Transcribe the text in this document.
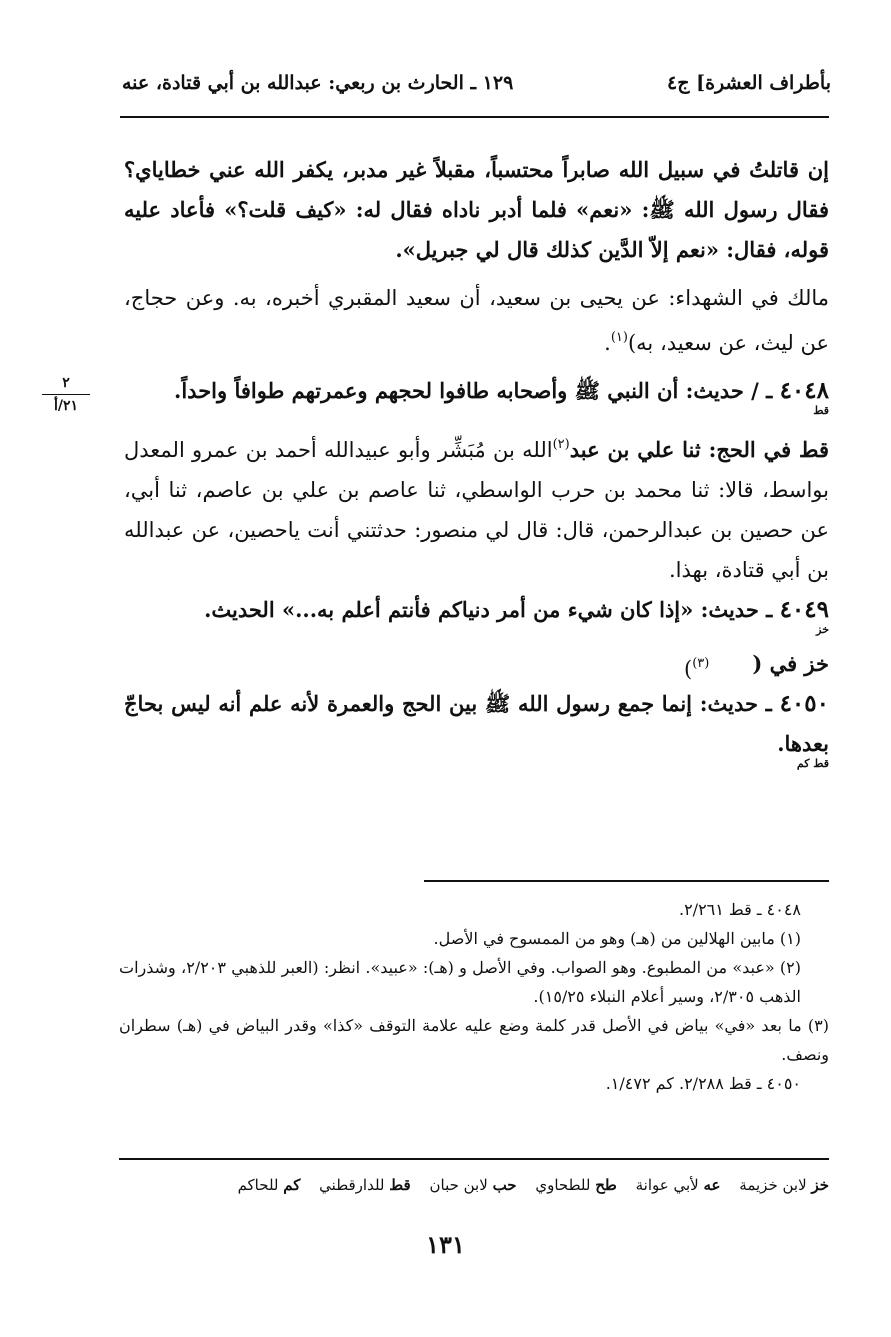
بأطراف العشرة] ج٤
١٢٩ ـ الحارث بن ربعي: عبدالله بن أبي قتادة، عنه
٢
٢١/أ

إن قاتلتُ في سبيل الله صابراً محتسباً، مقبلاً غير مدبر، يكفر الله عني خطاياي؟ فقال رسول الله ﷺ: «نعم» فلما أدبر ناداه فقال له: «كيف قلت؟» فأعاد عليه قوله، فقال: «نعم إلاّ الدَّين كذلك قال لي جبريل».

مالك في الشهداء: عن يحيى بن سعيد، أن سعيد المقبري أخبره، به. وعن حجاج، عن ليث، عن سعيد، به)$^{(١)}$.

٤٠٤٨ ـ / حديث: أن النبي ﷺ وأصحابه طافوا لحجهم وعمرتهم طوافاً واحداً.
قط

قط في الحج: ثنا علي بن عبد$^{(٢)}$الله بن مُبَشِّر وأبو عبيدالله أحمد بن عمرو المعدل بواسط، قالا: ثنا محمد بن حرب الواسطي، ثنا عاصم بن علي بن عاصم، ثنا أبي، عن حصين بن عبدالرحمن، قال: قال لي منصور: حدثتني أنت ياحصين، عن عبدالله بن أبي قتادة، بهذا.

٤٠٤٩ ـ حديث: «إذا كان شيء من أمر دنياكم فأنتم أعلم به...» الحديث.
خز

خز في (
$^{(٣)}$)

٤٠٥٠ ـ حديث: إنما جمع رسول الله ﷺ بين الحج والعمرة لأنه علم أنه ليس بحاجّ بعدها.
قط كم

٤٠٤٨ ـ قط ٢/٢٦١.

(١) مابين الهلالين من (هـ) وهو من الممسوح في الأصل.

(٢) «عبد» من المطبوع. وهو الصواب. وفي الأصل و (هـ): «عبيد». انظر: (العبر للذهبي ٢/٢٠٣، وشذرات الذهب ٢/٣٠٥، وسير أعلام النبلاء ١٥/٢٥).

(٣) ما بعد «في» بياض في الأصل قدر كلمة وضع عليه علامة التوقف «كذا» وقدر البياض في (هـ) سطران ونصف.

٤٠٥٠ ـ قط ٢/٢٨٨. كم ١/٤٧٢.

خز لابن خزيمة عه لأبي عوانة طح للطحاوي حب لابن حبان قط للدارقطني كم للحاكم
١٣١
